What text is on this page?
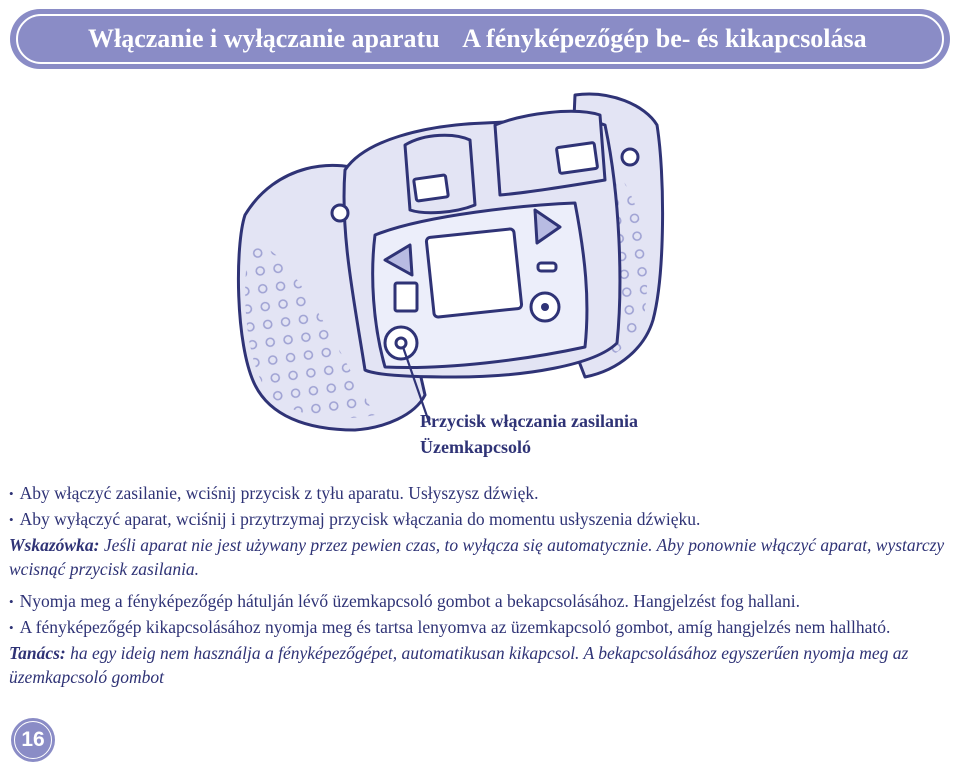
Włączanie i wyłączanie aparatu A fényképezőgép be- és kikapcsolása
Przycisk włączania zasilania
Üzemkapcsoló

• Aby włączyć zasilanie, wciśnij przycisk z tyłu aparatu. Usłyszysz dźwięk.

• Aby wyłączyć aparat, wciśnij i przytrzymaj przycisk włączania do momentu usłyszenia dźwięku.

Wskazówka: Jeśli aparat nie jest używany przez pewien czas, to wyłącza się automatycznie. Aby ponownie włączyć aparat, wystarczy wcisnąć przycisk zasilania.

• Nyomja meg a fényképezőgép hátulján lévő üzemkapcsoló gombot a bekapcsolásához. Hangjelzést fog hallani.

• A fényképezőgép kikapcsolásához nyomja meg és tartsa lenyomva az üzemkapcsoló gombot, amíg hangjelzés nem hallható.

Tanács: ha egy ideig nem használja a fényképezőgépet, automatikusan kikapcsol. A bekapcsolásához egyszerűen nyomja meg az üzemkapcsoló gombot

16
